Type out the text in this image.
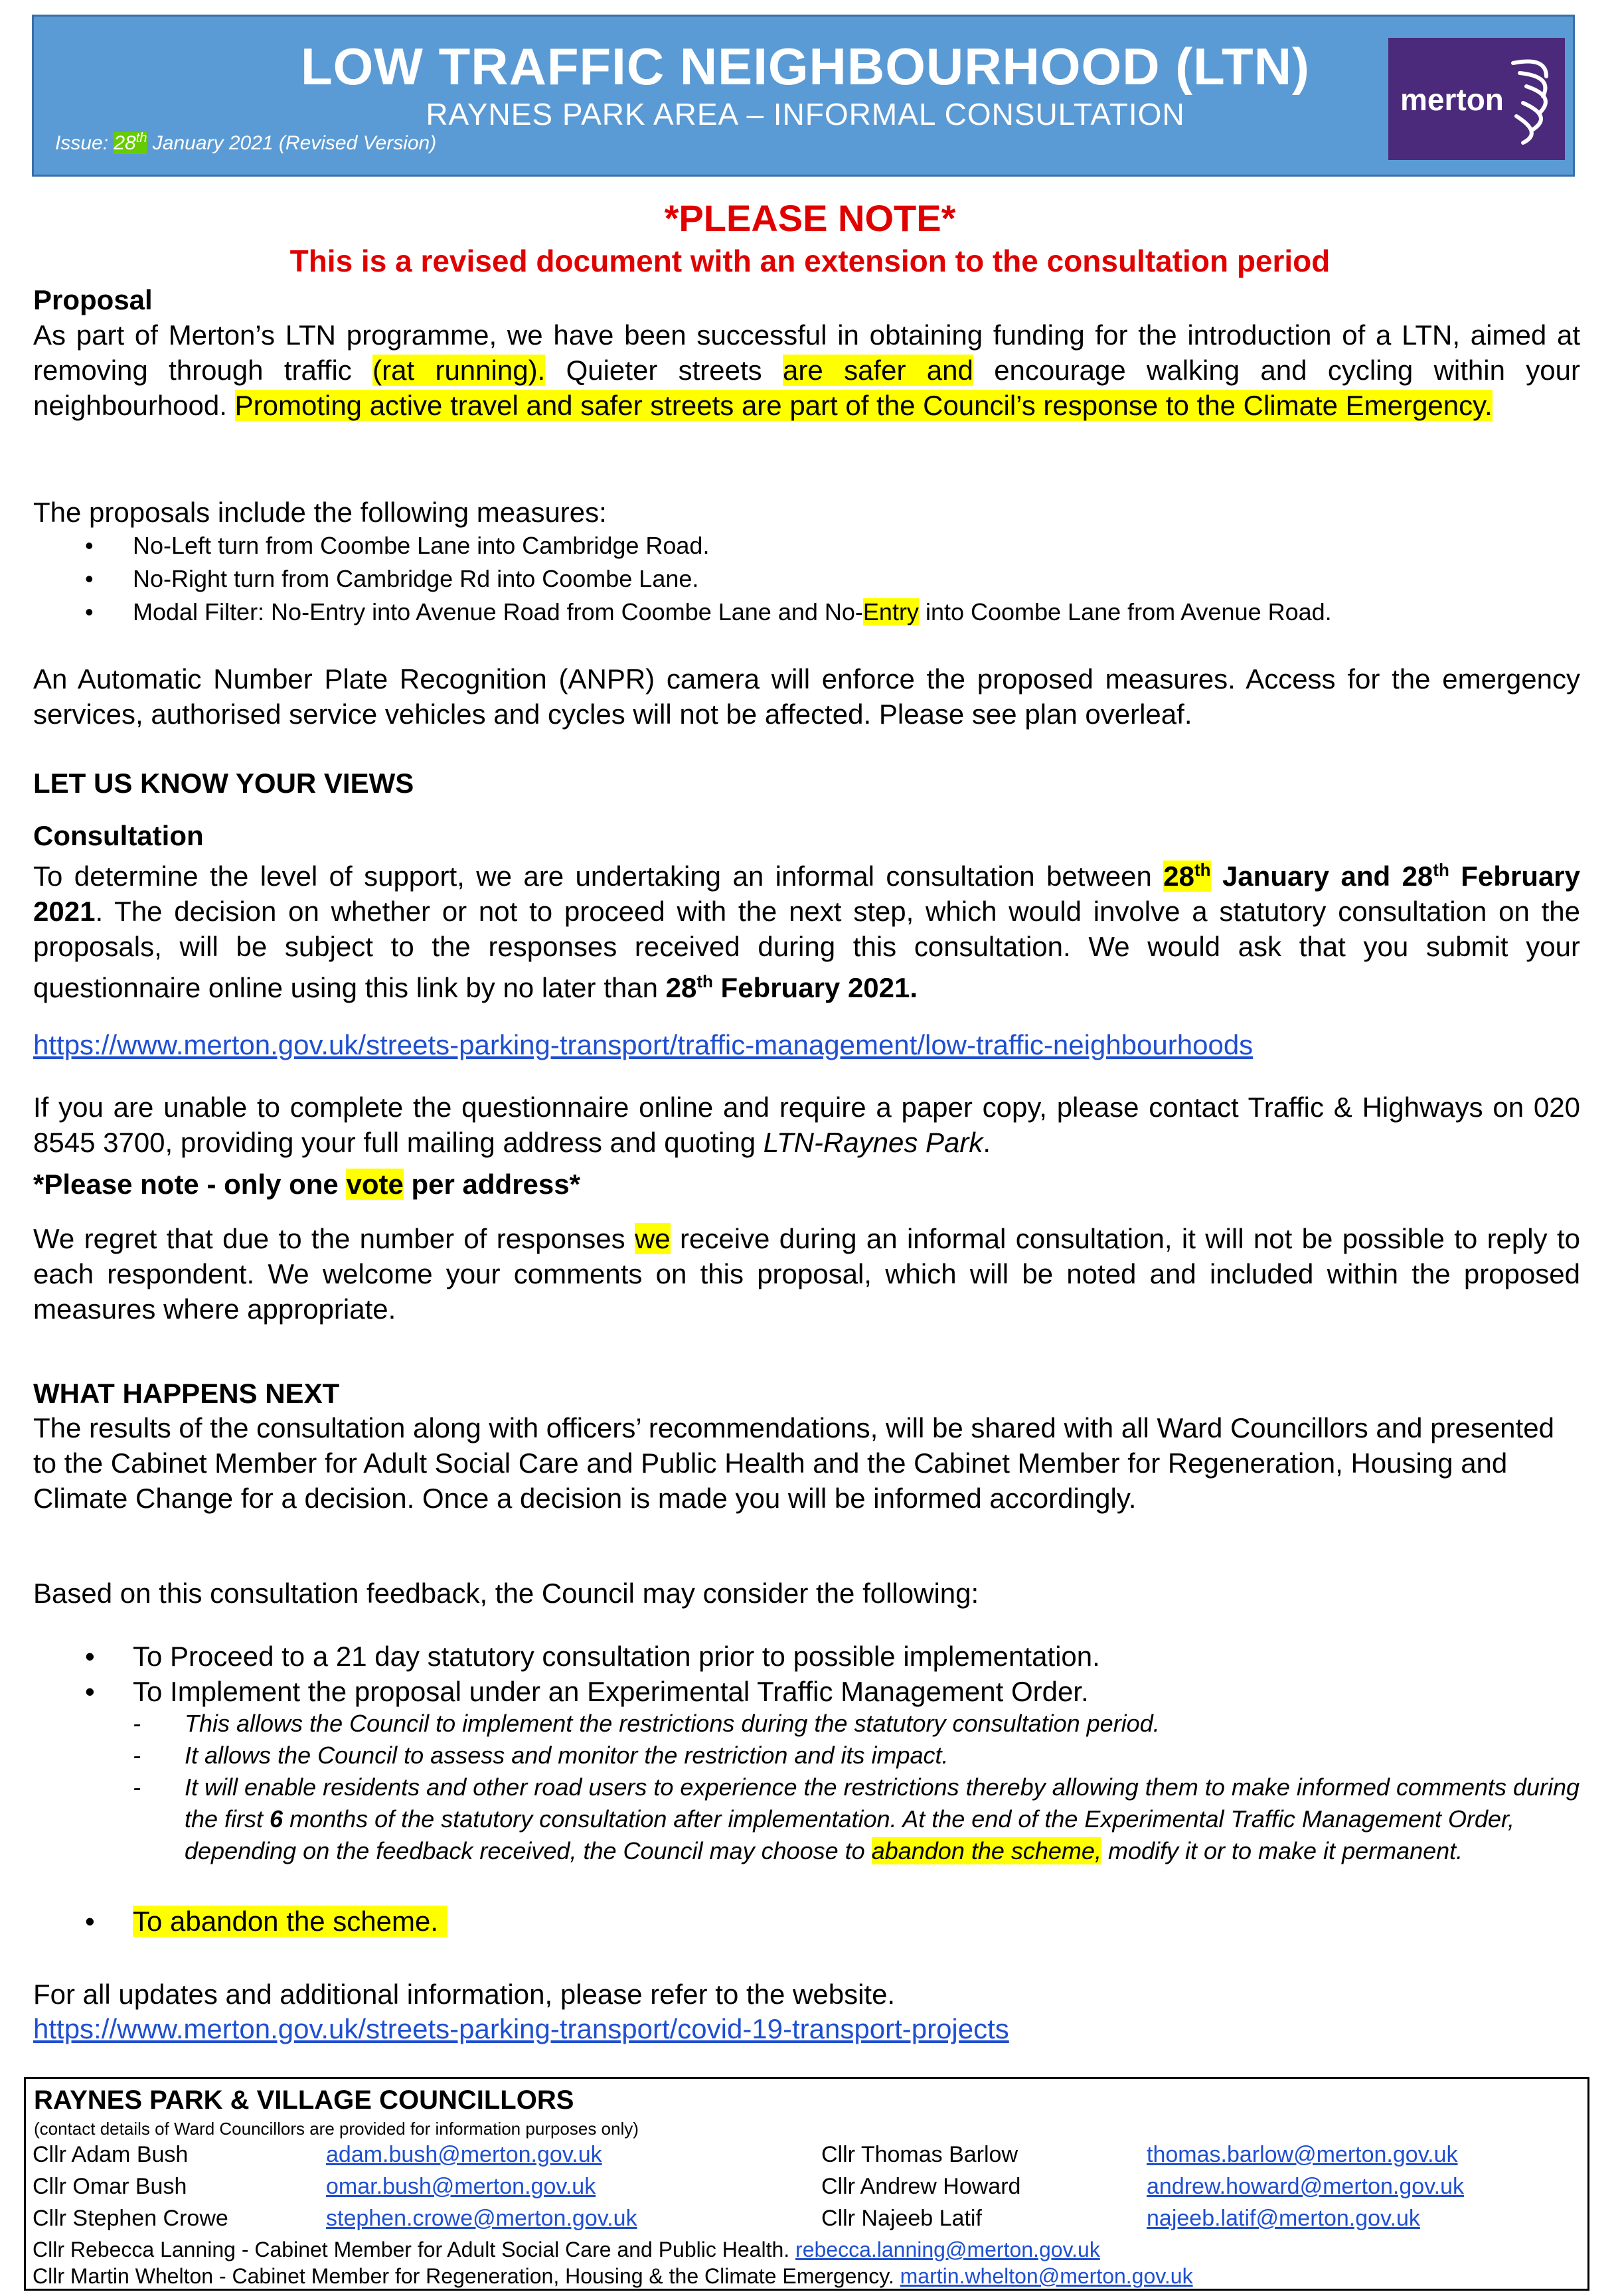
LOW TRAFFIC NEIGHBOURHOOD (LTN)
RAYNES PARK AREA – INFORMAL CONSULTATION
Issue: 28th January 2021 (Revised Version)
merton
*PLEASE NOTE*
This is a revised document with an extension to the consultation period
Proposal
As part of Merton’s LTN programme, we have been successful in obtaining funding for the introduction of a LTN, aimed at removing through traffic (rat running). Quieter streets are safer and encourage walking and cycling within your neighbourhood. Promoting active travel and safer streets are part of the Council’s response to the Climate Emergency.
The proposals include the following measures:
• No-Left turn from Coombe Lane into Cambridge Road.
• No-Right turn from Cambridge Rd into Coombe Lane.
• Modal Filter: No-Entry into Avenue Road from Coombe Lane and No-Entry into Coombe Lane from Avenue Road.
An Automatic Number Plate Recognition (ANPR) camera will enforce the proposed measures. Access for the emergency services, authorised service vehicles and cycles will not be affected. Please see plan overleaf.
LET US KNOW YOUR VIEWS
Consultation
To determine the level of support, we are undertaking an informal consultation between 28th January and 28th February 2021. The decision on whether or not to proceed with the next step, which would involve a statutory consultation on the proposals, will be subject to the responses received during this consultation. We would ask that you submit your questionnaire online using this link by no later than 28th February 2021.
https://www.merton.gov.uk/streets-parking-transport/traffic-management/low-traffic-neighbourhoods
If you are unable to complete the questionnaire online and require a paper copy, please contact Traffic & Highways on 020 8545 3700, providing your full mailing address and quoting LTN-Raynes Park.
*Please note - only one vote per address*
We regret that due to the number of responses we receive during an informal consultation, it will not be possible to reply to each respondent. We welcome your comments on this proposal, which will be noted and included within the proposed measures where appropriate.
WHAT HAPPENS NEXT
The results of the consultation along with officers’ recommendations, will be shared with all Ward Councillors and presented to the Cabinet Member for Adult Social Care and Public Health and the Cabinet Member for Regeneration, Housing and Climate Change for a decision. Once a decision is made you will be informed accordingly.
Based on this consultation feedback, the Council may consider the following:
• To Proceed to a 21 day statutory consultation prior to possible implementation.
• To Implement the proposal under an Experimental Traffic Management Order.
- This allows the Council to implement the restrictions during the statutory consultation period.
- It allows the Council to assess and monitor the restriction and its impact.
- It will enable residents and other road users to experience the restrictions thereby allowing them to make informed comments during the first 6 months of the statutory consultation after implementation. At the end of the Experimental Traffic Management Order, depending on the feedback received, the Council may choose to abandon the scheme, modify it or to make it permanent.
• To abandon the scheme.
For all updates and additional information, please refer to the website.
https://www.merton.gov.uk/streets-parking-transport/covid-19-transport-projects
RAYNES PARK & VILLAGE COUNCILLORS
(contact details of Ward Councillors are provided for information purposes only)
Cllr Adam Bush	adam.bush@merton.gov.uk	Cllr Thomas Barlow	thomas.barlow@merton.gov.uk
Cllr Omar Bush	omar.bush@merton.gov.uk	Cllr Andrew Howard	andrew.howard@merton.gov.uk
Cllr Stephen Crowe	stephen.crowe@merton.gov.uk	Cllr Najeeb Latif	najeeb.latif@merton.gov.uk
Cllr Rebecca Lanning - Cabinet Member for Adult Social Care and Public Health. rebecca.lanning@merton.gov.uk
Cllr Martin Whelton - Cabinet Member for Regeneration, Housing & the Climate Emergency. martin.whelton@merton.gov.uk
